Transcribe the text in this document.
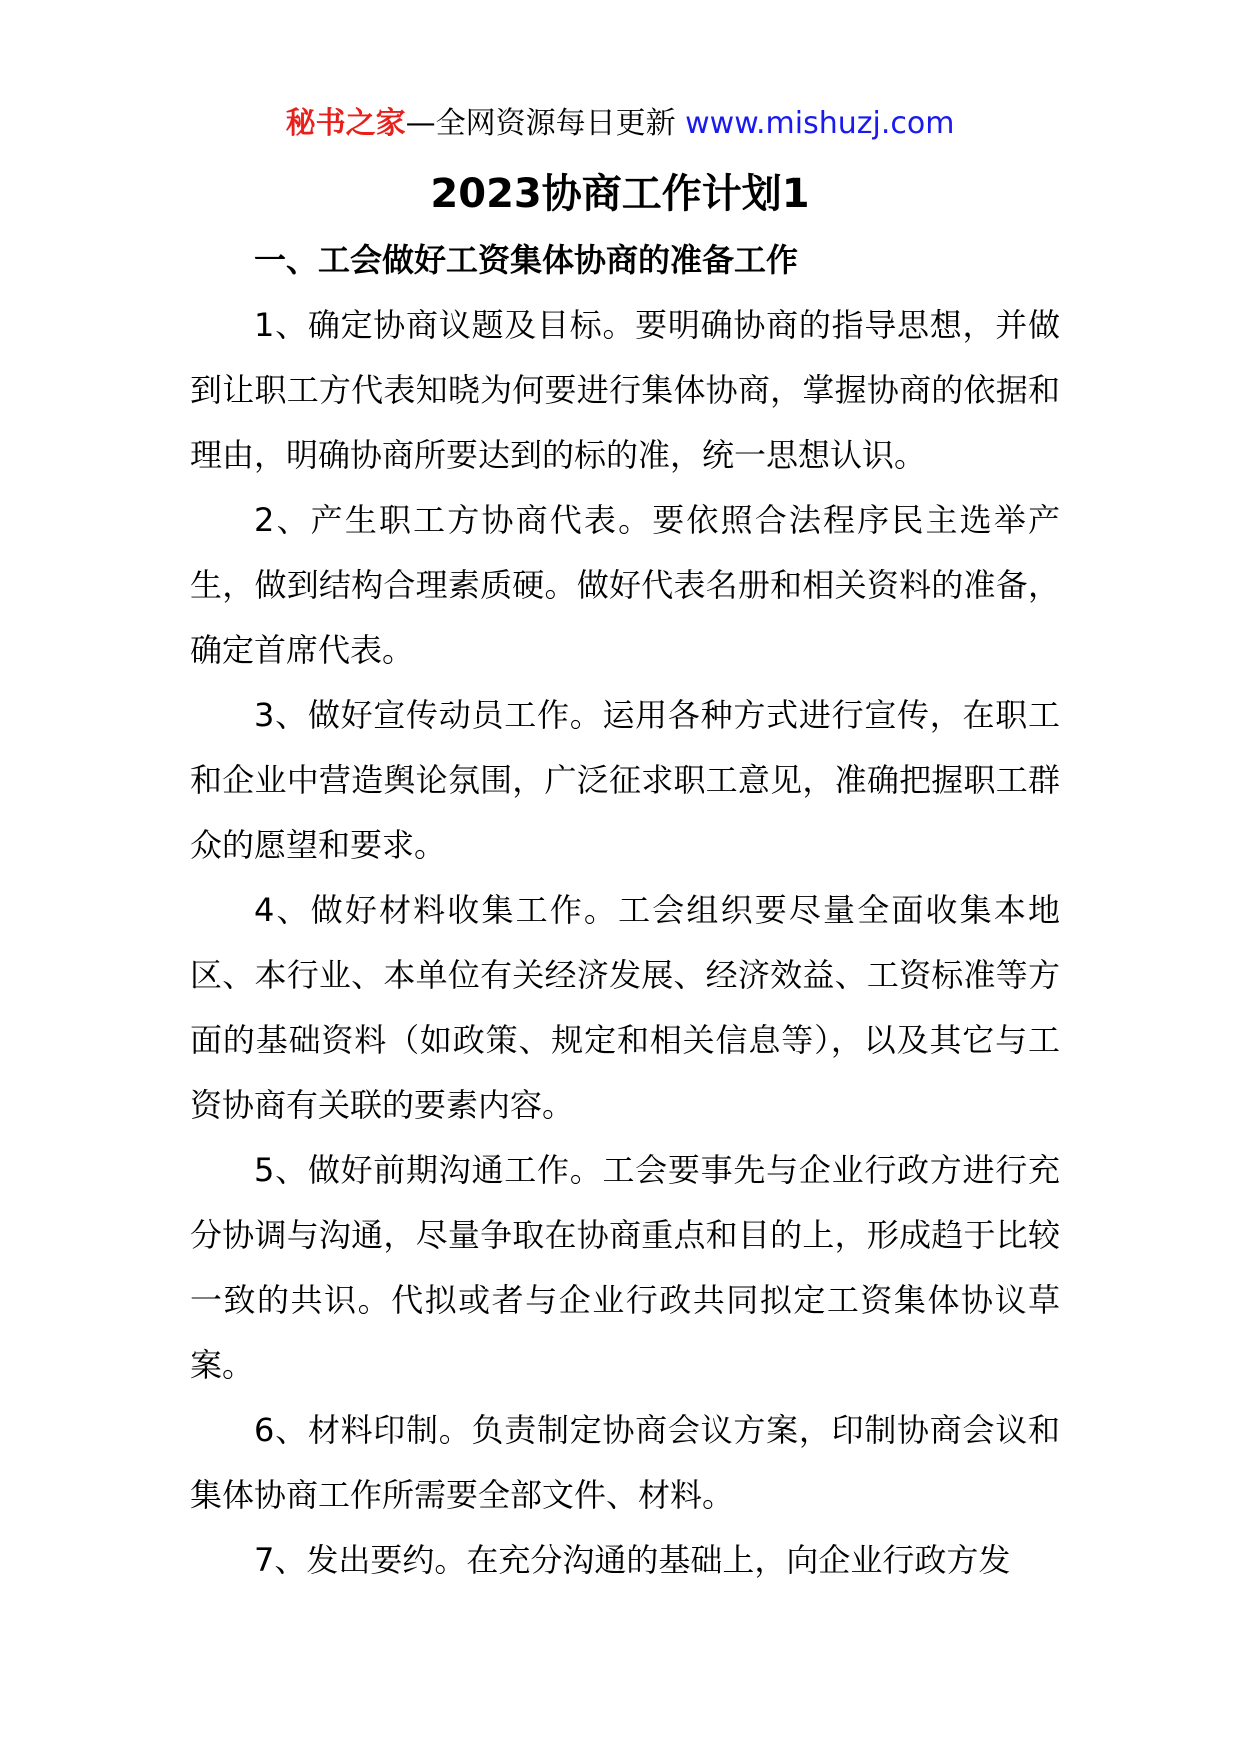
秘书之家—全网资源每日更新 www.mishuzj.com
2023协商工作计划1

一、工会做好工资集体协商的准备工作

1、确定协商议题及目标。要明确协商的指导思想，并做到让职工方代表知晓为何要进行集体协商，掌握协商的依据和理由，明确协商所要达到的标的准，统一思想认识。

2、产生职工方协商代表。要依照合法程序民主选举产生，做到结构合理素质硬。做好代表名册和相关资料的准备，确定首席代表。

3、做好宣传动员工作。运用各种方式进行宣传，在职工和企业中营造舆论氛围，广泛征求职工意见，准确把握职工群众的愿望和要求。

4、做好材料收集工作。工会组织要尽量全面收集本地区、本行业、本单位有关经济发展、经济效益、工资标准等方面的基础资料（如政策、规定和相关信息等），以及其它与工资协商有关联的要素内容。

5、做好前期沟通工作。工会要事先与企业行政方进行充分协调与沟通，尽量争取在协商重点和目的上，形成趋于比较一致的共识。代拟或者与企业行政共同拟定工资集体协议草案。

6、材料印制。负责制定协商会议方案，印制协商会议和集体协商工作所需要全部文件、材料。

7、发出要约。在充分沟通的基础上，向企业行政方发
